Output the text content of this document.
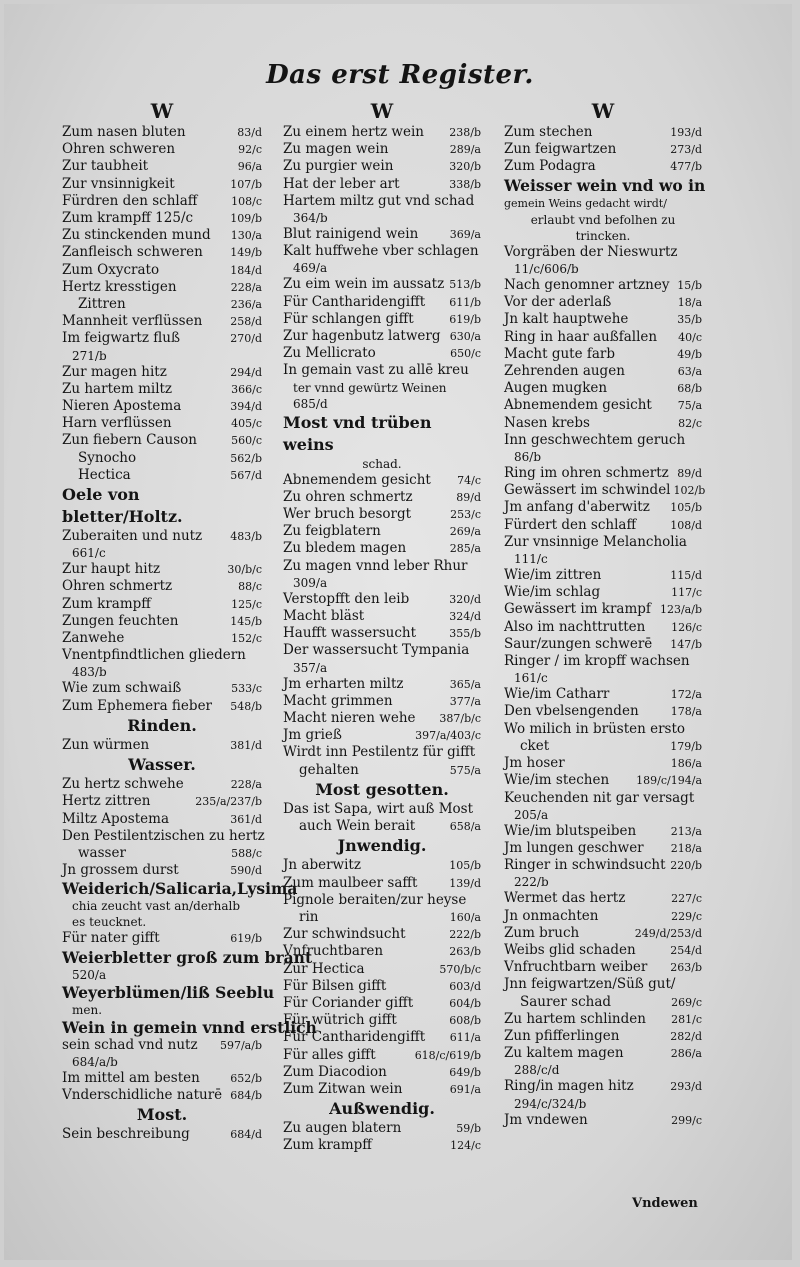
Das erst Register.
W
Zum nasen bluten	83/d
Ohren schweren	92/c
Zur taubheit	96/a
Zur vnsinnigkeit	107/b
Fürdren den schlaff	108/c
Zum krampff 125/c	109/b
Zu stinckenden mund 130/a
Zanfleisch schweren 149/b
Zum Oxycrato	184/d
Hertz kresstigen	228/a
Zittren	236/a
Mannheit verflüssen	258/d
Im feigwartz fluß	270/d
271/b
Zur magen hitz	294/d
Zu hartem miltz	366/c
Nieren Apostema	394/d
Harn verflüssen	405/c
Zun fiebern Causon	560/c
Synocho	562/b
Hectica	567/d
Oele von bletter/Holtz.
Zuberaiten und nutz	483/b
661/c
Zur haupt hitz	30/b/c
Ohren schmertz	88/c
Zum krampff	125/c
Zungen feuchten	145/b
Zanwehe	152/c
Vnentpfindtlichen gliedern
483/b
Wie zum schwaiß	533/c
Zum Ephemera fieber 548/b
Rinden.
Zun würmen	381/d
Wasser.
Zu hertz schwehe	228/a
Hertz zittren	235/a/237/b
Miltz Apostema	361/d
Den Pestilentzischen zu hertz
wasser	588/c
Jn grossem durst	590/d
Weiderich/Salicaria,Lysima
chia zeucht vast an/derhalb
es teucknet.
Für nater gifft	619/b
Weierbletter groß zum brant
520/a
Weyerblümen/liß Seeblu
men.
Wein in gemein vnnd erstlich
sein schad vnd nutz 597/a/b
684/a/b
Im mittel am besten	652/b
Vnderschidliche naturē 684/b
Most.
Sein beschreibung	684/d
W
Zu einem hertz wein 238/b
Zu magen wein	289/a
Zu purgier wein	320/b
Hat der leber art	338/b
Hartem miltz gut vnd schad
364/b
Blut rainigend wein	369/a
Kalt huffwehe vber schlagen
469/a
Zu eim wein im aussatz 513/b
Für Cantharidengifft 611/b
Für schlangen gifft	619/b
Zur hagenbutz latwerg 630/a
Zu Mellicrato	650/c
In gemain vast zu allē kreu
ter vnnd gewürtz Weinen
685/d
Most vnd trüben weins
schad.
Abnemendem gesicht 74/c
Zu ohren schmertz	89/d
Wer bruch besorgt	253/c
Zu feigblatern	269/a
Zu bledem magen	285/a
Zu magen vnnd leber Rhur
309/a
Verstopfft den leib	320/d
Macht bläst	324/d
Haufft wassersucht	355/b
Der wassersucht Tympania
357/a
Jm erharten miltz	365/a
Macht grimmen	377/a
Macht nieren wehe 387/b/c
Jm grieß	397/a/403/c
Wirdt inn Pestilentz für gifft
gehalten	575/a
Most gesotten.
Das ist Sapa, wirt auß Most
auch Wein berait	658/a
Jnwendig.
Jn aberwitz	105/b
Zum maulbeer safft	139/d
Pignole beraiten/zur heyse
rin	160/a
Zur schwindsucht	222/b
Vnfruchtbaren	263/b
Zur Hectica	570/b/c
Für Bilsen gifft	603/d
Für Coriander gifft	604/b
Für wütrich gifft	608/b
Für Cantharidengifft 611/a
Für alles gifft	618/c/619/b
Zum Diacodion	649/b
Zum Zitwan wein	691/a
Außwendig.
Zu augen blatern	59/b
Zum krampff	124/c
W
Zum stechen	193/d
Zun feigwartzen	273/d
Zum Podagra	477/b
Weisser wein vnd wo in
gemein Weins gedacht wirdt/
erlaubt vnd befolhen zu
trincken.
Vorgräben der Nieswurtz
11/c/606/b
Nach genomner artzney 15/b
Vor der aderlaß	18/a
Jn kalt hauptwehe	35/b
Ring in haar außfallen 40/c
Macht gute farb	49/b
Zehrenden augen	63/a
Augen mugken	68/b
Abnemendem gesicht 75/a
Nasen krebs	82/c
Inn geschwechtem geruch
86/b
Ring im ohren schmertz 89/d
Gewässert im schwindel 102/b
Jm anfang d'aberwitz 105/b
Fürdert den schlaff	108/d
Zur vnsinnige Melancholia
111/c
Wie/im zittren	115/d
Wie/im schlag	117/c
Gewässert im krampf 123/a/b
Also im nachttrutten 126/c
Saur/zungen schwerē 147/b
Ringer / im kropff wachsen
161/c
Wie/im Catharr	172/a
Den vbelsengenden	178/a
Wo milich in brüsten ersto
cket	179/b
Jm hoser	186/a
Wie/im stechen 189/c/194/a
Keuchenden nit gar versagt
205/a
Wie/im blutspeiben	213/a
Jm lungen geschwer 218/a
Ringer in schwindsucht 220/b
222/b
Wermet das hertz	227/c
Jn onmachten	229/c
Zum bruch	249/d/253/d
Weibs glid schaden	254/d
Vnfruchtbarn weiber 263/b
Jnn feigwartzen/Süß gut/
Saurer schad	269/c
Zu hartem schlinden 281/c
Zun pfifferlingen	282/d
Zu kaltem magen	286/a
288/c/d
Ring/in magen hitz	293/d
294/c/324/b
Jm vndewen	299/c
Vndewen
